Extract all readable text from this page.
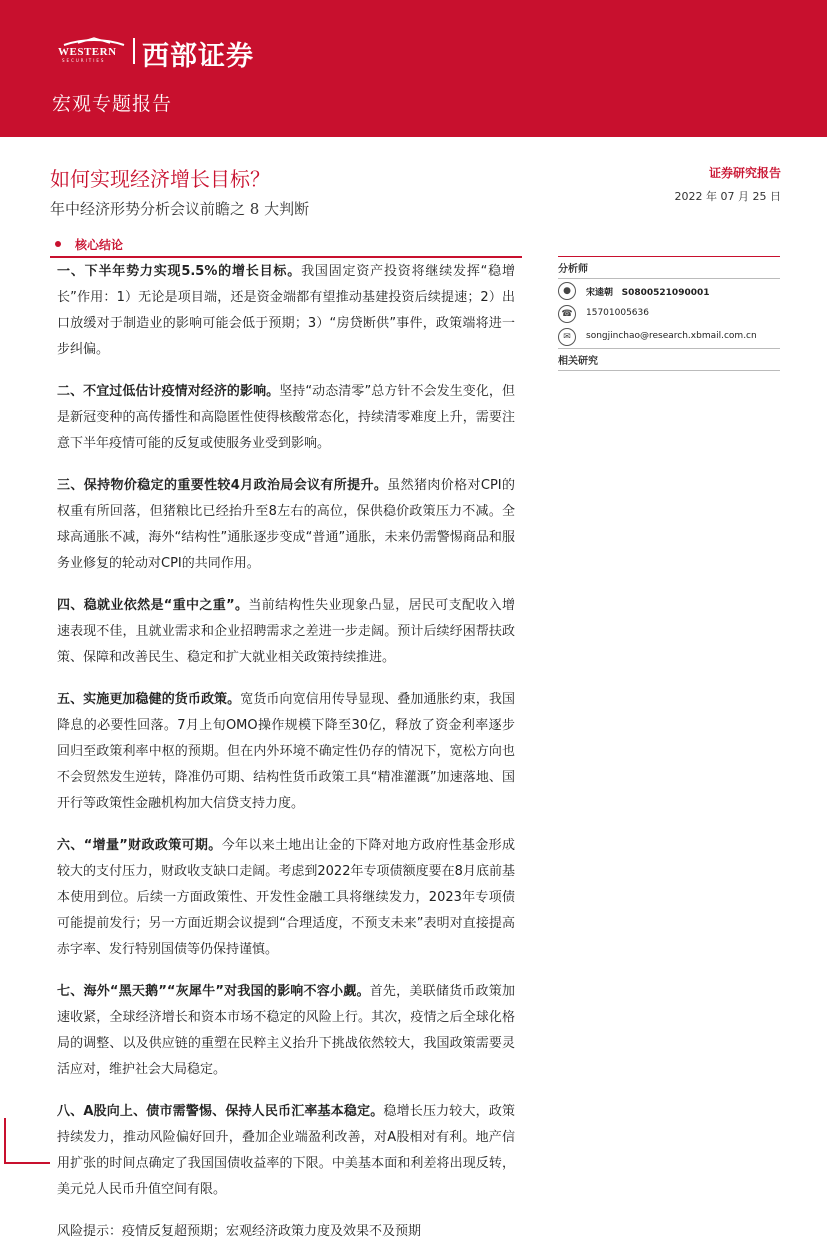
WESTERN
SECURITIES 西部证券
宏观专题报告
如何实现经济增长目标？
年中经济形势分析会议前瞻之 8 大判断
证券研究报告
2022 年 07 月 25 日
核心结论

一、下半年势力实现5.5%的增长目标。我国固定资产投资将继续发挥“稳增长”作用：1）无论是项目端，还是资金端都有望推动基建投资后续提速；2）出口放缓对于制造业的影响可能会低于预期；3）“房贷断供”事件，政策端将进一步纠偏。

二、不宜过低估计疫情对经济的影响。坚持“动态清零”总方针不会发生变化，但是新冠变种的高传播性和高隐匿性使得核酸常态化，持续清零难度上升，需要注意下半年疫情可能的反复或使服务业受到影响。

三、保持物价稳定的重要性较4月政治局会议有所提升。虽然猪肉价格对CPI的权重有所回落，但猪粮比已经抬升至8左右的高位，保供稳价政策压力不减。全球高通胀不减，海外“结构性”通胀逐步变成“普通”通胀，未来仍需警惕商品和服务业修复的轮动对CPI的共同作用。

四、稳就业依然是“重中之重”。当前结构性失业现象凸显，居民可支配收入增速表现不佳，且就业需求和企业招聘需求之差进一步走阔。预计后续纾困帮扶政策、保障和改善民生、稳定和扩大就业相关政策持续推进。

五、实施更加稳健的货币政策。宽货币向宽信用传导显现、叠加通胀约束，我国降息的必要性回落。7月上旬OMO操作规模下降至30亿，释放了资金利率逐步回归至政策利率中枢的预期。但在内外环境不确定性仍存的情况下，宽松方向也不会贸然发生逆转，降准仍可期、结构性货币政策工具“精准灌溉”加速落地、国开行等政策性金融机构加大信贷支持力度。

六、“增量”财政政策可期。今年以来土地出让金的下降对地方政府性基金形成较大的支付压力，财政收支缺口走阔。考虑到2022年专项债额度要在8月底前基本使用到位。后续一方面政策性、开发性金融工具将继续发力，2023年专项债可能提前发行；另一方面近期会议提到“合理适度，不预支未来”表明对直接提高赤字率、发行特别国债等仍保持谨慎。

七、海外“黑天鹅”“灰犀牛”对我国的影响不容小觑。首先，美联储货币政策加速收紧，全球经济增长和资本市场不稳定的风险上行。其次，疫情之后全球化格局的调整、以及供应链的重塑在民粹主义抬升下挑战依然较大，我国政策需要灵活应对，维护社会大局稳定。

八、A股向上、债市需警惕、保持人民币汇率基本稳定。稳增长压力较大，政策持续发力，推动风险偏好回升，叠加企业端盈利改善，对A股相对有利。地产信用扩张的时间点确定了我国国债收益率的下限。中美基本面和利差将出现反转，美元兑人民币升值空间有限。

风险提示：疫情反复超预期；宏观经济政策力度及效果不及预期

分析师
●	宋逵朝 S0800521090001
☎	15701005636
✉	songjinchao@research.xbmail.com.cn
相关研究
